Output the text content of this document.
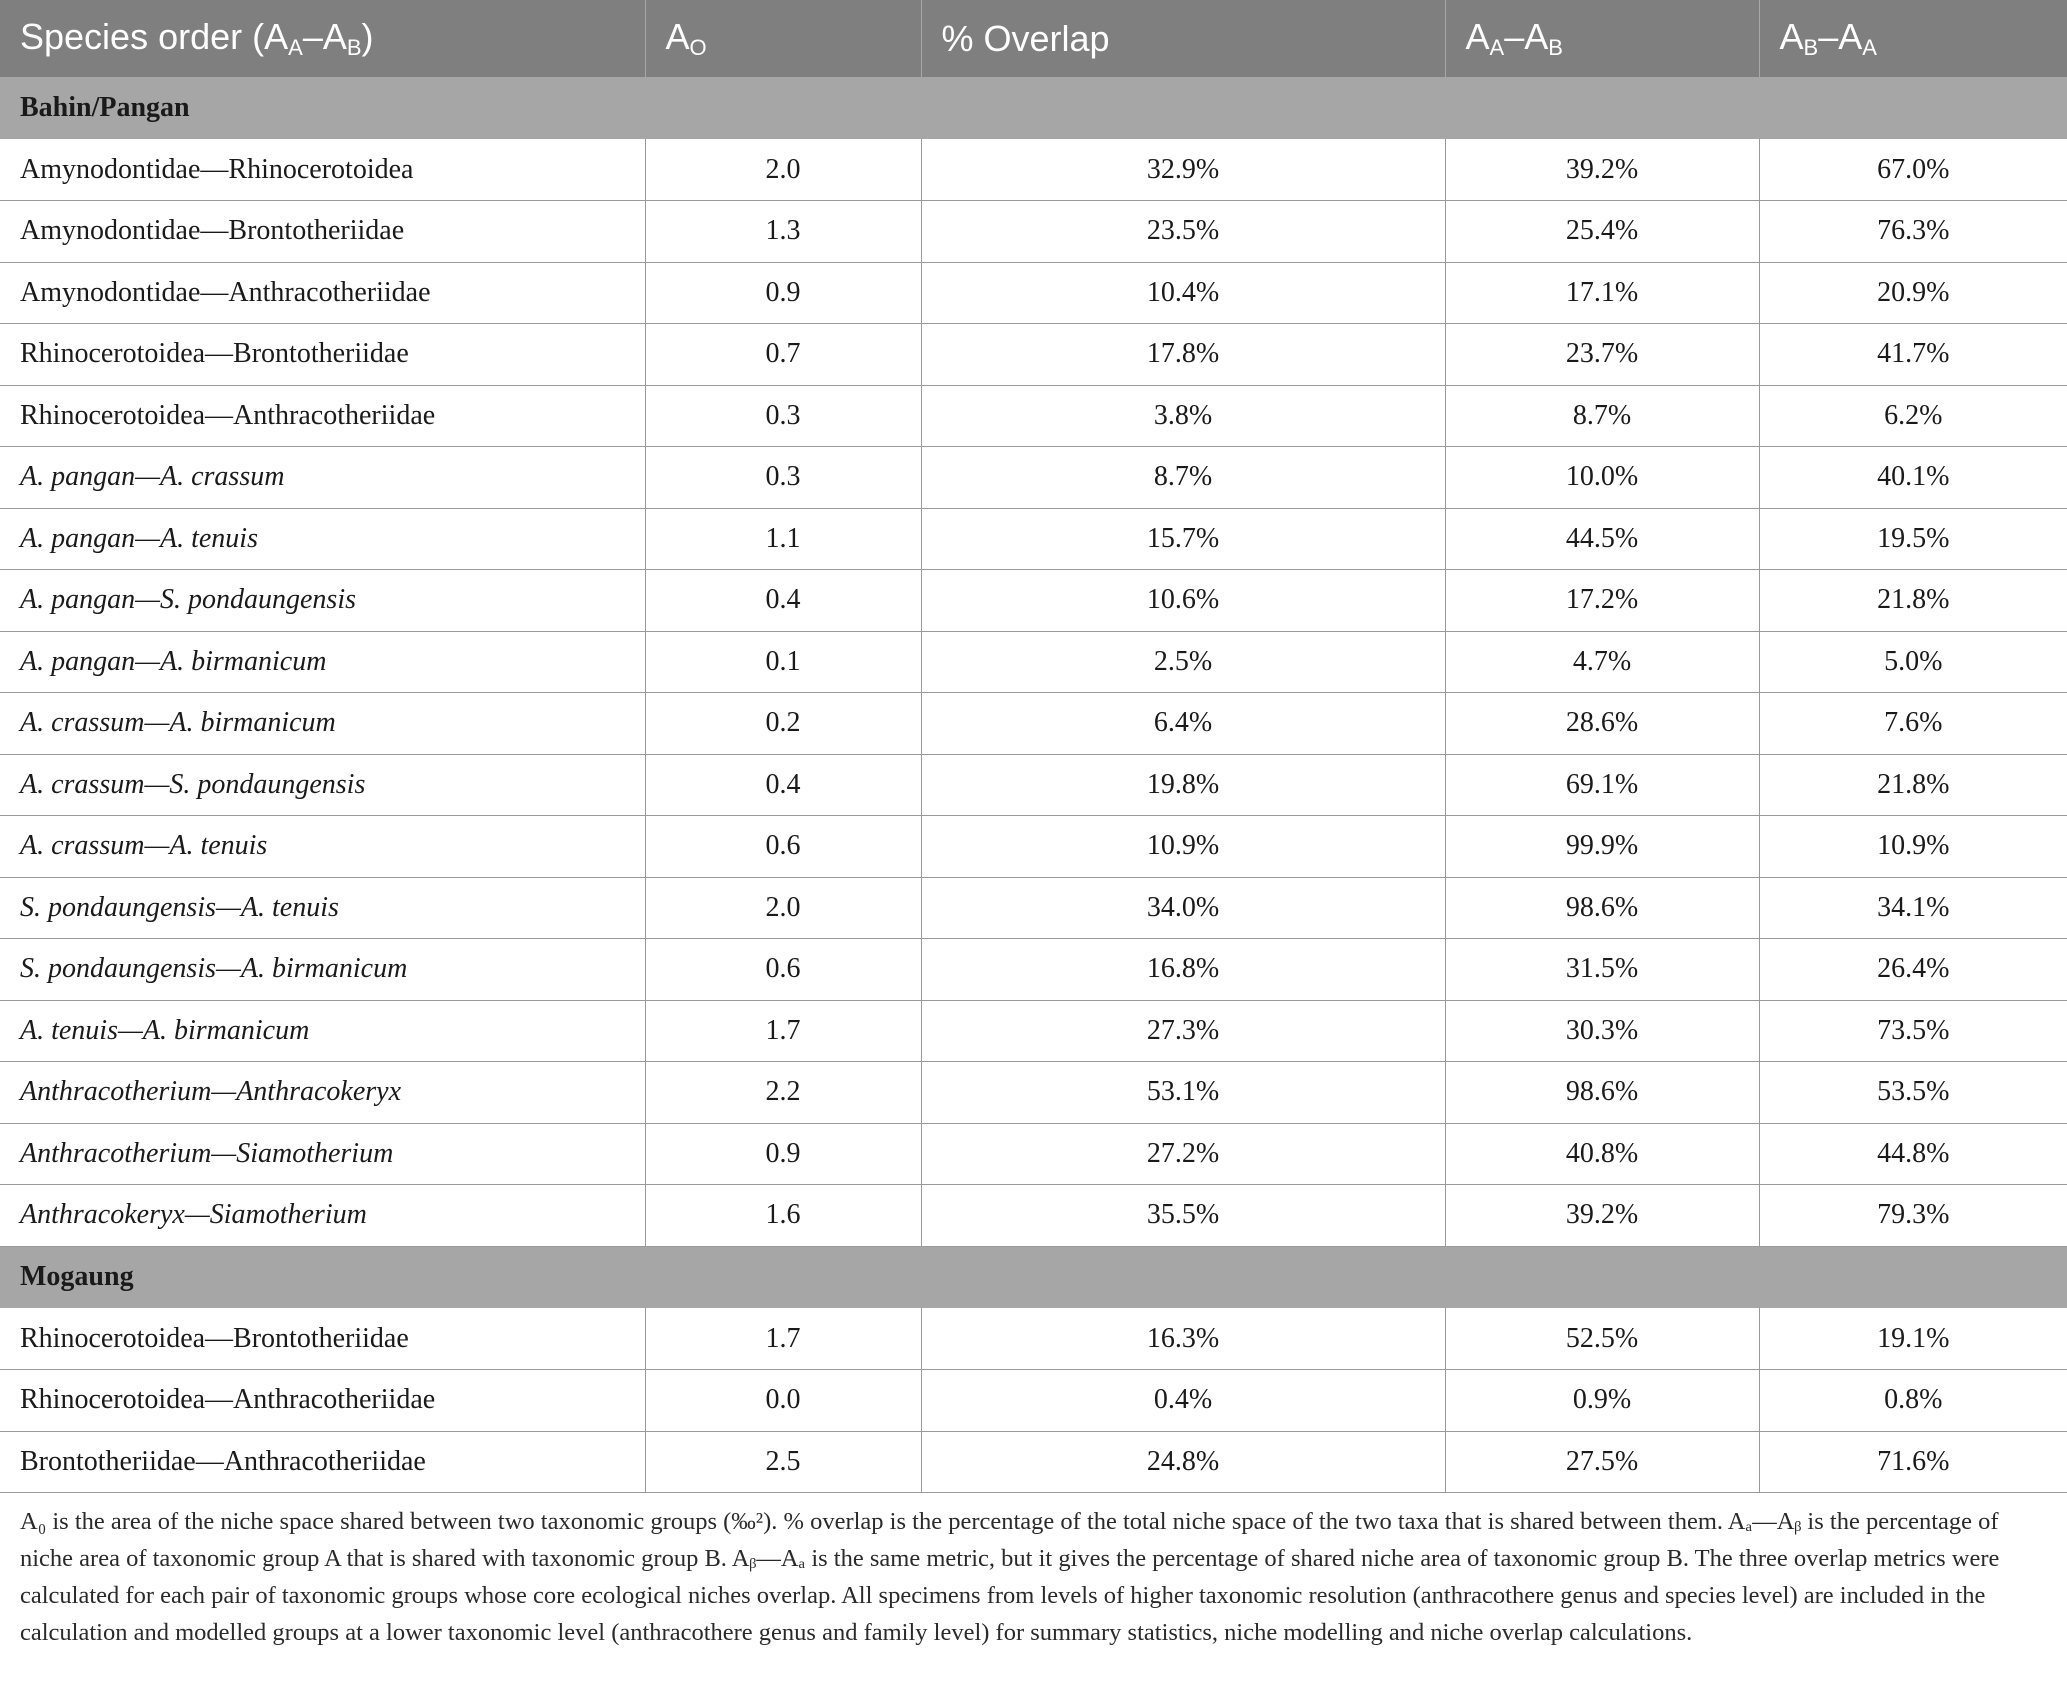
Species order $(A_A-A_B)$	$A_O$	% Overlap	$A_A-A_B$	$A_B-A_A$
Bahin/Pangan				
Amynodontidae—Rhinocerotoidea	2.0	32.9%	39.2%	67.0%
Amynodontidae—Brontotheriidae	1.3	23.5%	25.4%	76.3%
Amynodontidae—Anthracotheriidae	0.9	10.4%	17.1%	20.9%
Rhinocerotoidea—Brontotheriidae	0.7	17.8%	23.7%	41.7%
Rhinocerotoidea—Anthracotheriidae	0.3	3.8%	8.7%	6.2%
A. pangan—A. crassum	0.3	8.7%	10.0%	40.1%
A. pangan—A. tenuis	1.1	15.7%	44.5%	19.5%
A. pangan—S. pondaungensis	0.4	10.6%	17.2%	21.8%
A. pangan—A. birmanicum	0.1	2.5%	4.7%	5.0%
A. crassum—A. birmanicum	0.2	6.4%	28.6%	7.6%
A. crassum—S. pondaungensis	0.4	19.8%	69.1%	21.8%
A. crassum—A. tenuis	0.6	10.9%	99.9%	10.9%
S. pondaungensis—A. tenuis	2.0	34.0%	98.6%	34.1%
S. pondaungensis—A. birmanicum	0.6	16.8%	31.5%	26.4%
A. tenuis—A. birmanicum	1.7	27.3%	30.3%	73.5%
Anthracotherium—Anthracokeryx	2.2	53.1%	98.6%	53.5%
Anthracotherium—Siamotherium	0.9	27.2%	40.8%	44.8%
Anthracokeryx—Siamotherium	1.6	35.5%	39.2%	79.3%
Mogaung				
Rhinocerotoidea—Brontotheriidae	1.7	16.3%	52.5%	19.1%
Rhinocerotoidea—Anthracotheriidae	0.0	0.4%	0.9%	0.8%
Brontotheriidae—Anthracotheriidae	2.5	24.8%	27.5%	71.6%

A₀ is the area of the niche space shared between two taxonomic groups (‰²). % overlap is the percentage of the total niche space of the two taxa that is shared between them. Aₐ—Aᵦ is the percentage of niche area of taxonomic group A that is shared with taxonomic group B. Aᵦ—Aₐ is the same metric, but it gives the percentage of shared niche area of taxonomic group B. The three overlap metrics were calculated for each pair of taxonomic groups whose core ecological niches overlap. All specimens from levels of higher taxonomic resolution (anthracothere genus and species level) are included in the calculation and modelled groups at a lower taxonomic level (anthracothere genus and family level) for summary statistics, niche modelling and niche overlap calculations.
